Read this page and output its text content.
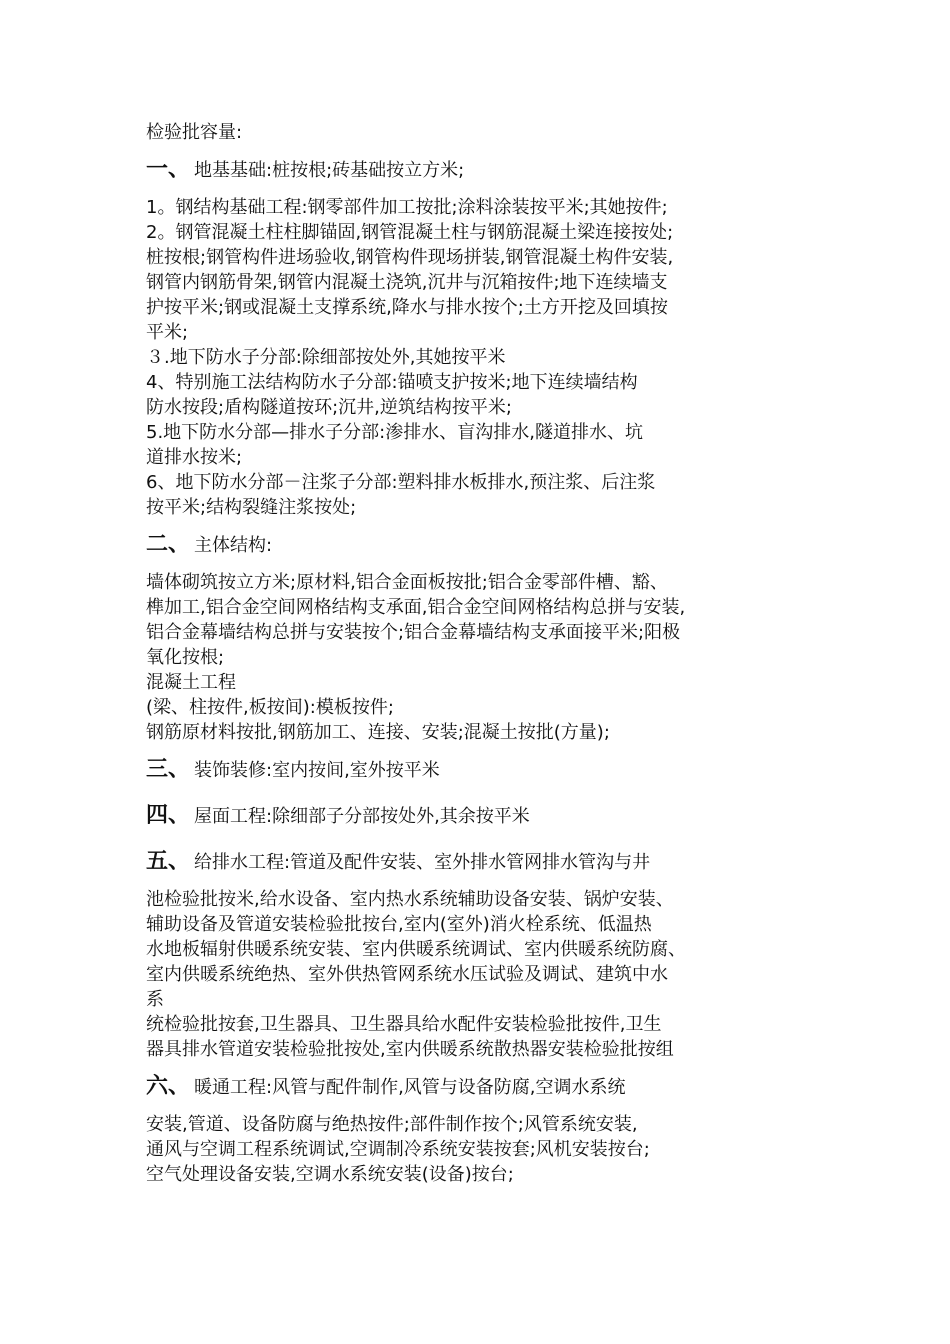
检验批容量:
一、 地基基础:桩按根;砖基础按立方米;
1。钢结构基础工程:钢零部件加工按批;涂料涂装按平米;其她按件;
2。钢管混凝土柱柱脚锚固,钢管混凝土柱与钢筋混凝土梁连接按处;
桩按根;钢管构件进场验收,钢管构件现场拼装,钢管混凝土构件安装,
钢管内钢筋骨架,钢管内混凝土浇筑,沉井与沉箱按件;地下连续墙支
护按平米;钢或混凝土支撑系统,降水与排水按个;土方开挖及回填按
平米;
３.地下防水子分部:除细部按处外,其她按平米
4、特别施工法结构防水子分部:锚喷支护按米;地下连续墙结构
防水按段;盾构隧道按环;沉井,逆筑结构按平米;
5.地下防水分部—排水子分部:渗排水、盲沟排水,隧道排水、坑
道排水按米;
6、地下防水分部－注浆子分部:塑料排水板排水,预注浆、后注浆
按平米;结构裂缝注浆按处;
二、 主体结构:
墙体砌筑按立方米;原材料,铝合金面板按批;铝合金零部件槽、豁、
榫加工,铝合金空间网格结构支承面,铝合金空间网格结构总拼与安装,
铝合金幕墙结构总拼与安装按个;铝合金幕墙结构支承面接平米;阳极
氧化按根;
混凝土工程
(梁、柱按件,板按间):模板按件;
钢筋原材料按批,钢筋加工、连接、安装;混凝土按批(方量);
三、 装饰装修:室内按间,室外按平米
四、 屋面工程:除细部子分部按处外,其余按平米
五、 给排水工程:管道及配件安装、室外排水管网排水管沟与井
池检验批按米,给水设备、室内热水系统辅助设备安装、锅炉安装、
辅助设备及管道安装检验批按台,室内(室外)消火栓系统、低温热
水地板辐射供暖系统安装、室内供暖系统调试、室内供暖系统防腐、
室内供暖系统绝热、室外供热管网系统水压试验及调试、建筑中水
系
统检验批按套,卫生器具、卫生器具给水配件安装检验批按件,卫生
器具排水管道安装检验批按处,室内供暖系统散热器安装检验批按组
六、 暖通工程:风管与配件制作,风管与设备防腐,空调水系统
安装,管道、设备防腐与绝热按件;部件制作按个;风管系统安装,
通风与空调工程系统调试,空调制冷系统安装按套;风机安装按台;
空气处理设备安装,空调水系统安装(设备)按台;
